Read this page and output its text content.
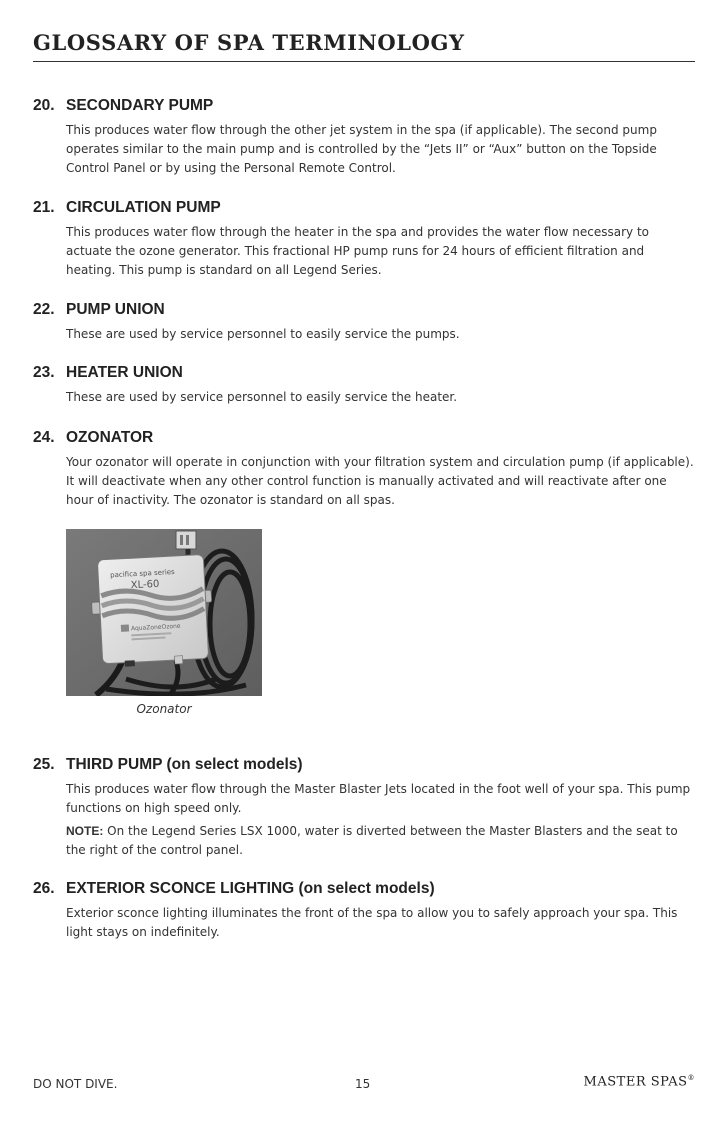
GLOSSARY OF SPA TERMINOLOGY
20. SECONDARY PUMP

This produces water flow through the other jet system in the spa (if applicable). The second pump operates similar to the main pump and is controlled by the “Jets II” or “Aux” button on the Topside Control Panel or by using the Personal Remote Control.

21. CIRCULATION PUMP

This produces water flow through the heater in the spa and provides the water flow necessary to actuate the ozone generator. This fractional HP pump runs for 24 hours of efficient filtration and heating. This pump is standard on all Legend Series.

22. PUMP UNION

These are used by service personnel to easily service the pumps.

23. HEATER UNION

These are used by service personnel to easily service the heater.

24. OZONATOR

Your ozonator will operate in conjunction with your filtration system and circulation pump (if applicable). It will deactivate when any other control function is manually activated and will reactivate after one hour of inactivity. The ozonator is standard on all spas.

pacifica spa series
XL-60
AquaZoneOzone
Ozonator
25. THIRD PUMP (on select models)

This produces water flow through the Master Blaster Jets located in the foot well of your spa. This pump functions on high speed only.

NOTE: On the Legend Series LSX 1000, water is diverted between the Master Blasters and the seat to the right of the control panel.

26. EXTERIOR SCONCE LIGHTING (on select models)

Exterior sconce lighting illuminates the front of the spa to allow you to safely approach your spa. This light stays on indefinitely.

DO NOT DIVE.	15	MASTER SPAS®
